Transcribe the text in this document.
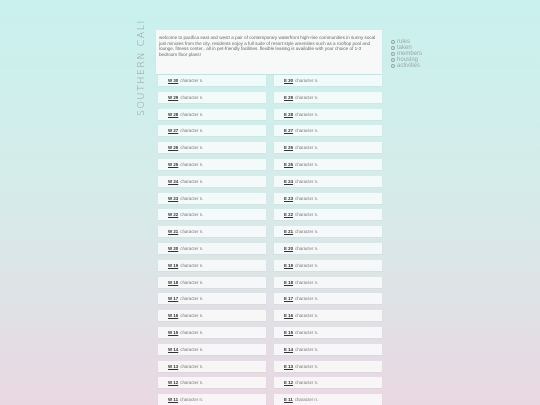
SOUTHERN CALI	welcome to pacifica east and west! a pair of contemporary waterfront high-rise communities in sunny socal just minutes from the city. residents enjoy a full suite of resort style amenities such as a rooftop pool and lounge, fitness center,. all in pet-friendly facilities. flexible leasing is available with your choice of 1-3 bedroom floor plans!

rules
taken
members
housing
activities
W 30 character n.
W 29 character n.
W 28 character n.
W 27 character n.
W 26 character n.
W 25 character n.
W 24 character n.
W 23 character n.
W 22 character n.
W 21 character n.
W 20 character n.
W 19 character n.
W 18 character n.
W 17 character n.
W 16 character n.
W 15 character n.
W 14 character n.
W 13 character n.
W 12 character n.
W 11 character n.
E 30 character n.
E 29 character n.
E 28 character n.
E 27 character n.
E 26 character n.
E 25 character n.
E 24 character n.
E 23 character n.
E 22 character n.
E 21 character n.
E 20 character n.
E 19 character n.
E 18 character n.
E 17 character n.
E 16 character n.
E 15 character n.
E 14 character n.
E 13 character n.
E 12 character n.
E 11 character n.
